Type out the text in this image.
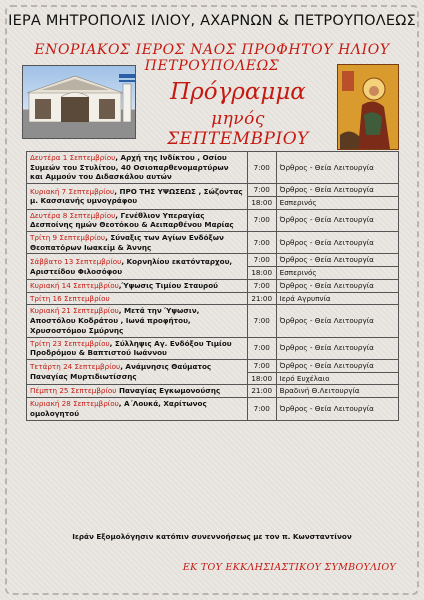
ΙΕΡΑ ΜΗΤΡΟΠΟΛΙΣ ΙΛΙΟΥ, ΑΧΑΡΝΩΝ & ΠΕΤΡΟΥΠΟΛΕΩΣ
ΕΝΟΡΙΑΚΟΣ ΙΕΡΟΣ ΝΑΟΣ ΠΡΟΦΗΤΟΥ ΗΛΙΟΥ ΠΕΤΡΟΥΠΟΛΕΩΣ
Πρόγραμμα
μηνός ΣΕΠΤΕΜΒΡΙΟΥ
Δευτέρα 1 Σεπτεμβρίου, Αρχή της Ινδίκτου , Οσίου Συμεών του Στυλίτου, 40 Οσιοπαρθενομαρτύρων και Αμμούν του Διδασκάλου αυτών	7:00	Όρθρος - Θεία Λειτουργία
Κυριακή 7 Σεπτεμβρίου, ΠΡΟ ΤΗΣ ΥΨΩΣΕΩΣ , Σώζοντας μ. Κασσιανής υμνογράφου	7:00	Όρθρος - Θεία Λειτουργία
	18:00	Εσπερινός
Δευτέρα 8 Σεπτεμβρίου, Γενέθλιον Υπεραγίας Δεσποίνης ημών Θεοτόκου & Αειπαρθένου Μαρίας	7:00	Όρθρος - Θεία Λειτουργία
Τρίτη 9 Σεπτεμβρίου, Σύναξις των Αγίων Ενδόξων Θεοπατόρων Ιωακείμ & Άννης	7:00	Όρθρος - Θεία Λειτουργία
Σάββατο 13 Σεπτεμβρίου, Κορνηλίου εκατόνταρχου, Αριστείδου Φιλοσόφου	7:00	Όρθρος - Θεία Λειτουργία
	18:00	Εσπερινός
Κυριακή 14 Σεπτεμβρίου,Ύψωσις Τιμίου Σταυρού	7:00	Όρθρος - Θεία Λειτουργία
Τρίτη 16 Σεπτεμβρίου	21:00	Ιερά Αγρυπνία
Κυριακή 21 Σεπτεμβρίου, Μετά την Ύψωσιν, Αποστόλου Κοδράτου , Ιωνά προφήτου, Χρυσοστόμου Σμύρνης	7:00	Όρθρος - Θεία Λειτουργία
Τρίτη 23 Σεπτεμβρίου, Σύλληψις Αγ. Ενδόξου Τιμίου Προδρόμου & Βαπτιστού Ιωάννου	7:00	Όρθρος - Θεία Λειτουργία
Τετάρτη 24 Σεπτεμβρίου, Ανάμνησις Θαύματος Παναγίας Μυρτιδιωτίσσης	7:00	Όρθρος - Θεία Λειτουργία
	18:00	Ιερό Ευχέλαιο
Πέμπτη 25 Σεπτεμβρίου Παναγίας Εγκωμονούσης	21:00	Βραδινή Θ.Λειτουργία
Κυριακή 28 Σεπτεμβρίου, Α΄Λουκά, Χαρίτωνος ομολογητού	7:00	Όρθρος - Θεία Λειτουργία
Ιεράν Εξομολόγησιν κατόπιν συνεννοήσεως με τον π. Κωνσταντίνον
ΕΚ ΤΟΥ ΕΚΚΛΗΣΙΑΣΤΙΚΟΥ ΣΥΜΒΟΥΛΙΟΥ
